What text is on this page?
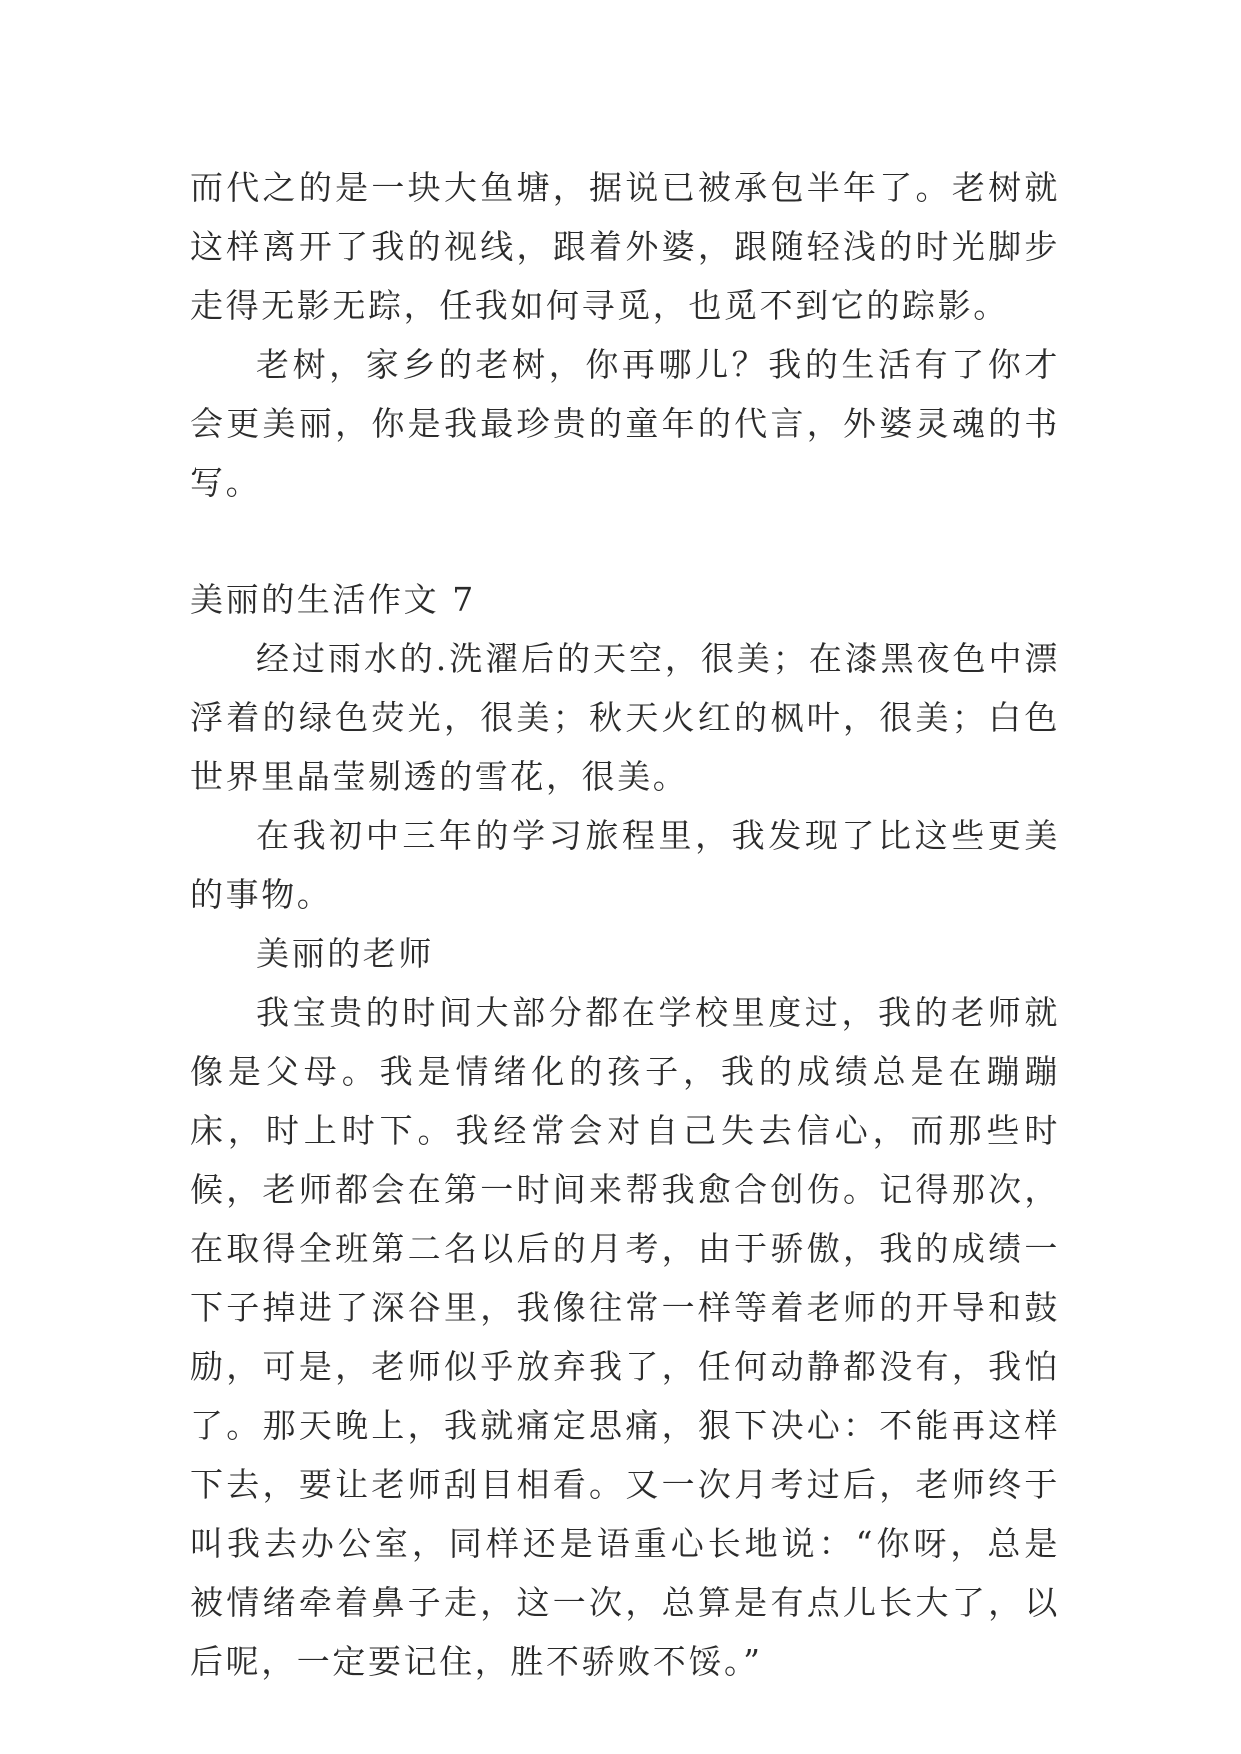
而代之的是一块大鱼塘，据说已被承包半年了。老树就这样离开了我的视线，跟着外婆，跟随轻浅的时光脚步走得无影无踪，任我如何寻觅，也觅不到它的踪影。

老树，家乡的老树，你再哪儿？我的生活有了你才会更美丽，你是我最珍贵的童年的代言，外婆灵魂的书写。

美丽的生活作文 7

经过雨水的.洗濯后的天空，很美；在漆黑夜色中漂浮着的绿色荧光，很美；秋天火红的枫叶，很美；白色世界里晶莹剔透的雪花，很美。

在我初中三年的学习旅程里，我发现了比这些更美的事物。

美丽的老师

我宝贵的时间大部分都在学校里度过，我的老师就像是父母。我是情绪化的孩子，我的成绩总是在蹦蹦床，时上时下。我经常会对自己失去信心，而那些时候，老师都会在第一时间来帮我愈合创伤。记得那次，在取得全班第二名以后的月考，由于骄傲，我的成绩一下子掉进了深谷里，我像往常一样等着老师的开导和鼓励，可是，老师似乎放弃我了，任何动静都没有，我怕了。那天晚上，我就痛定思痛，狠下决心：不能再这样下去，要让老师刮目相看。又一次月考过后，老师终于叫我去办公室，同样还是语重心长地说：“你呀，总是被情绪牵着鼻子走，这一次，总算是有点儿长大了，以后呢，一定要记住，胜不骄败不馁。”
